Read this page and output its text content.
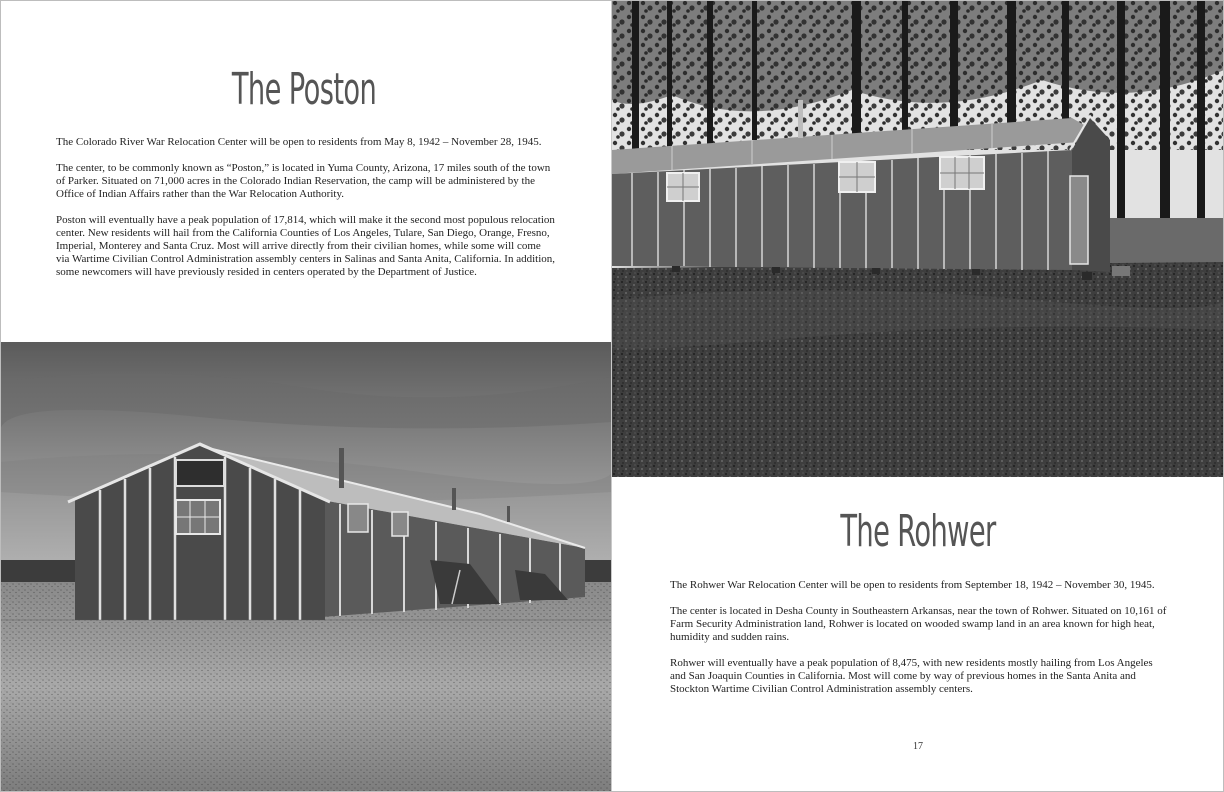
The Poston

The Colorado River War Relocation Center will be open to residents from May 8, 1942 – November 28, 1945.

The center, to be commonly known as “Poston,” is located in Yuma County, Arizona, 17 miles south of the town of Parker. Situated on 71,000 acres in the Colorado Indian Reservation, the camp will be administered by the Office of Indian Affairs rather than the War Relocation Authority.

Poston will eventually have a peak population of 17,814, which will make it the second most populous relocation center. New residents will hail from the California Counties of Los Angeles, Tulare, San Diego, Orange, Fresno, Imperial, Monterey and Santa Cruz. Most will arrive directly from their civilian homes, while some will come via Wartime Civilian Control Administration assembly centers in Salinas and Santa Anita, California. In addition, some newcomers will have previously resided in centers operated by the Department of Justice.

The Rohwer

The Rohwer War Relocation Center will be open to residents from September 18, 1942 – November 30, 1945.

The center is located in Desha County in Southeastern Arkansas, near the town of Rohwer. Situated on 10,161 of Farm Security Administration land, Rohwer is located on wooded swamp land in an area known for high heat, humidity and sudden rains.

Rohwer will eventually have a peak population of 8,475, with new residents mostly hailing from Los Angeles and San Joaquin Counties in California. Most will come by way of previous homes in the Santa Anita and Stockton Wartime Civilian Control Administration assembly centers.

17
